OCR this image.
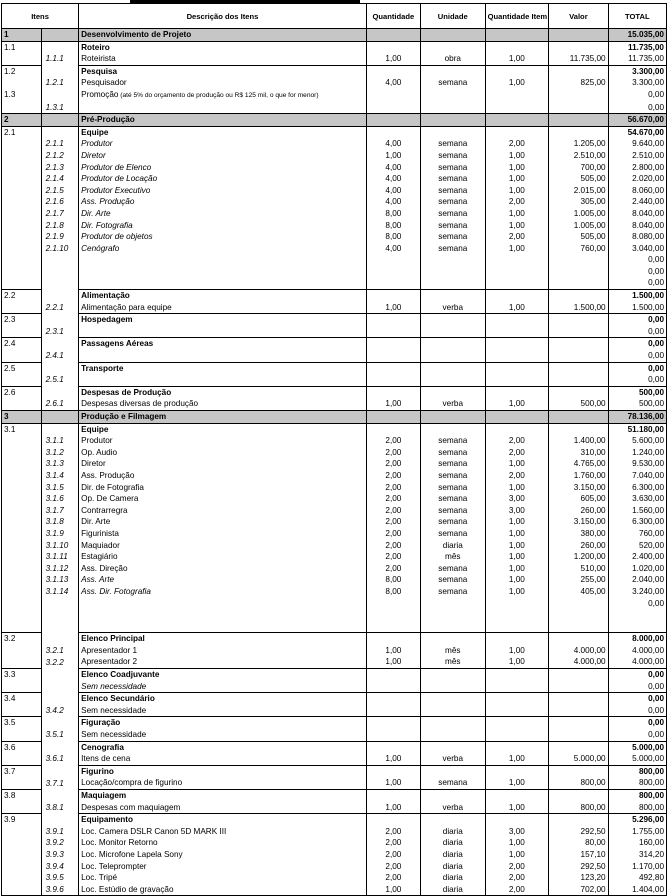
Itens		Descrição dos Itens	Quantidade	Unidade	Quantidade Item	Valor	TOTAL
1		Desenvolvimento de Projeto					15.035,00
1.1		Roteiro					11.735,00
	1.1.1	Roteirista	1,00	obra	1,00	11.735,00	11.735,00
1.2		Pesquisa					3.300,00
	1.2.1	Pesquisador	4,00	semana	1,00	825,00	3.300,00
1.3		Promoção (até 5% do orçamento de produção ou R$ 125 mil, o que for menor)					0,00
	1.3.1						0,00
2		Pré-Produção					56.670,00
2.1		Equipe					54.670,00
	2.1.1	Produtor	4,00	semana	2,00	1.205,00	9.640,00
	2.1.2	Diretor	1,00	semana	1,00	2.510,00	2.510,00
	2.1.3	Produtor de Elenco	4,00	semana	1,00	700,00	2.800,00
	2.1.4	Produtor de Locação	4,00	semana	1,00	505,00	2.020,00
	2.1.5	Produtor Executivo	4,00	semana	1,00	2.015,00	8.060,00
	2.1.6	Ass. Produção	4,00	semana	2,00	305,00	2.440,00
	2.1.7	Dir. Arte	8,00	semana	1,00	1.005,00	8.040,00
	2.1.8	Dir. Fotografia	8,00	semana	1,00	1.005,00	8.040,00
	2.1.9	Produtor de objetos	8,00	semana	2,00	505,00	8.080,00
	2.1.10	Cenógrafo	4,00	semana	1,00	760,00	3.040,00
							0,00
							0,00
							0,00
2.2		Alimentação					1.500,00
	2.2.1	Alimentação para equipe	1,00	verba	1,00	1.500,00	1.500,00
2.3		Hospedagem					0,00
	2.3.1						0,00
2.4		Passagens Aéreas					0,00
	2.4.1						0,00
2.5		Transporte					0,00
	2.5.1						0,00
2.6		Despesas de Produção					500,00
	2.6.1	Despesas diversas de produção	1,00	verba	1,00	500,00	500,00
3		Produção e Filmagem					78.136,00
3.1		Equipe					51.180,00
	3.1.1	Produtor	2,00	semana	2,00	1.400,00	5.600,00
	3.1.2	Op. Audio	2,00	semana	2,00	310,00	1.240,00
	3.1.3	Diretor	2,00	semana	1,00	4.765,00	9.530,00
	3.1.4	Ass. Produção	2,00	semana	2,00	1.760,00	7.040,00
	3.1.5	Dir. de Fotografia	2,00	semana	1,00	3.150,00	6.300,00
	3.1.6	Op. De Camera	2,00	semana	3,00	605,00	3.630,00
	3.1.7	Contrarregra	2,00	semana	3,00	260,00	1.560,00
	3.1.8	Dir. Arte	2,00	semana	1,00	3.150,00	6.300,00
	3.1.9	Figurinista	2,00	semana	1,00	380,00	760,00
	3.1.10	Maquiador	2,00	diaria	1,00	260,00	520,00
	3.1.11	Estagiário	2,00	mês	1,00	1.200,00	2.400,00
	3.1.12	Ass. Direção	2,00	semana	1,00	510,00	1.020,00
	3.1.13	Ass. Arte	8,00	semana	1,00	255,00	2.040,00
	3.1.14	Ass. Dir. Fotografia	8,00	semana	1,00	405,00	3.240,00
							0,00

3.2		Elenco Principal					8.000,00
	3.2.1	Apresentador 1	1,00	mês	1,00	4.000,00	4.000,00
	3.2.2	Apresentador 2	1,00	mês	1,00	4.000,00	4.000,00
3.3		Elenco Coadjuvante					0,00
		Sem necessidade					0,00
3.4		Elenco Secundário					0,00
	3.4.2	Sem necessidade					0,00
3.5		Figuração					0,00
	3.5.1	Sem necessidade					0,00
3.6		Cenografia					5.000,00
	3.6.1	Itens de cena	1,00	verba	1,00	5.000,00	5.000,00
3.7		Figurino					800,00
	3.7.1	Locação/compra de figurino	1,00	semana	1,00	800,00	800,00
3.8		Maquiagem					800,00
	3.8.1	Despesas com maquiagem	1,00	verba	1,00	800,00	800,00
3.9		Equipamento					5.296,00
	3.9.1	Loc. Camera DSLR Canon 5D MARK III	2,00	diaria	3,00	292,50	1.755,00
	3.9.2	Loc. Monitor Retorno	2,00	diaria	1,00	80,00	160,00
	3.9.3	Loc. Microfone Lapela Sony	2,00	diaria	1,00	157,10	314,20
	3.9.4	Loc. Teleprompter	2,00	diaria	2,00	292,50	1.170,00
	3.9.5	Loc. Tripé	2,00	diaria	2,00	123,20	492,80
	3.9.6	Loc. Estúdio de gravação	1,00	diaria	2,00	702,00	1.404,00
